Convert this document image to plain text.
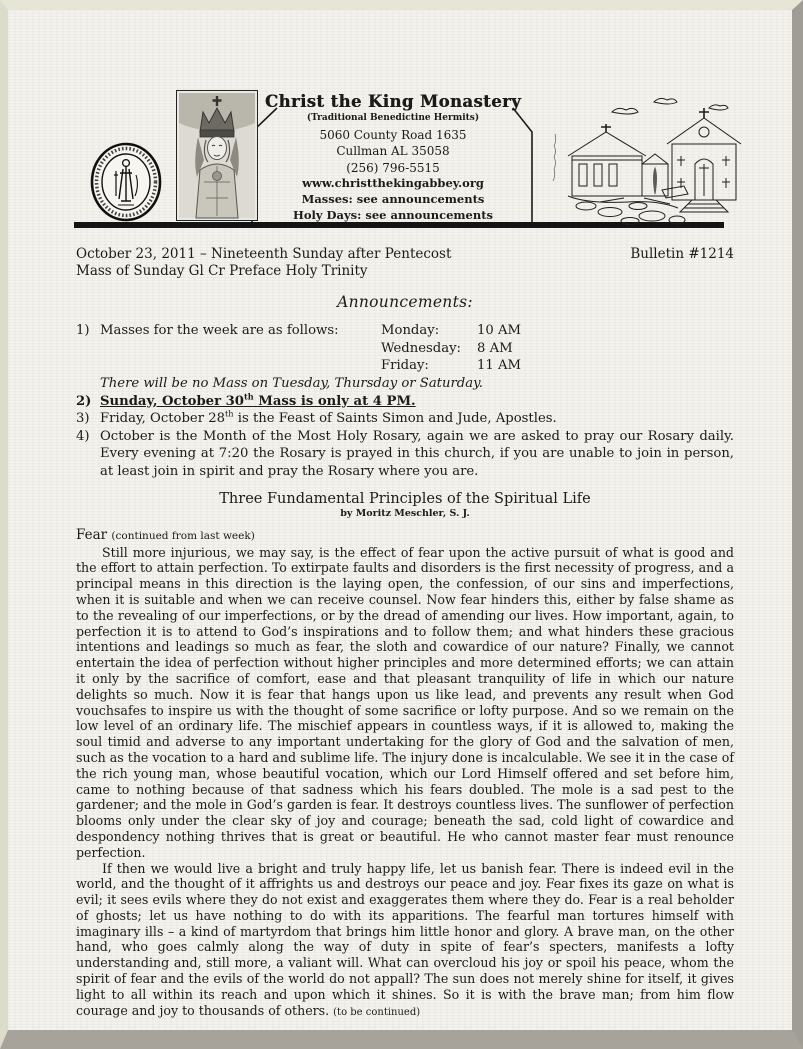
Christ the King Monastery
(Traditional Benedictine Hermits)
5060 County Road 1635
Cullman AL 35058
(256) 796-5515
www.christthekingabbey.org
Masses: see announcements
Holy Days: see announcements
October 23, 2011 – Nineteenth Sunday after Pentecost	Bulletin #1214
Mass of Sunday Gl Cr Preface Holy Trinity
Announcements:
1) Masses for the week are as follows:	Monday:	10 AM
Wednesday:	8 AM
Friday:	11 AM
There will be no Mass on Tuesday, Thursday or Saturday.
2) Sunday, October 30th Mass is only at 4 PM.
3) Friday, October 28th is the Feast of Saints Simon and Jude, Apostles.
4) October is the Month of the Most Holy Rosary, again we are asked to pray our Rosary daily. Every evening at 7:20 the Rosary is prayed in this church, if you are unable to join in person, at least join in spirit and pray the Rosary where you are.
Three Fundamental Principles of the Spiritual Life
by Moritz Meschler, S. J.
Fear (continued from last week)

Still more injurious, we may say, is the effect of fear upon the active pursuit of what is good and the effort to attain perfection. To extirpate faults and disorders is the first necessity of progress, and a principal means in this direction is the laying open, the confession, of our sins and imperfections, when it is suitable and when we can receive counsel. Now fear hinders this, either by false shame as to the revealing of our imperfections, or by the dread of amending our lives. How important, again, to perfection it is to attend to God’s inspirations and to follow them; and what hinders these gracious intentions and leadings so much as fear, the sloth and cowardice of our nature? Finally, we cannot entertain the idea of perfection without higher principles and more determined efforts; we can attain it only by the sacrifice of comfort, ease and that pleasant tranquility of life in which our nature delights so much. Now it is fear that hangs upon us like lead, and prevents any result when God vouchsafes to inspire us with the thought of some sacrifice or lofty purpose. And so we remain on the low level of an ordinary life. The mischief appears in countless ways, if it is allowed to, making the soul timid and adverse to any important undertaking for the glory of God and the salvation of men, such as the vocation to a hard and sublime life. The injury done is incalculable. We see it in the case of the rich young man, whose beautiful vocation, which our Lord Himself offered and set before him, came to nothing because of that sadness which his fears doubled. The mole is a sad pest to the gardener; and the mole in God’s garden is fear. It destroys countless lives. The sunflower of perfection blooms only under the clear sky of joy and courage; beneath the sad, cold light of cowardice and despondency nothing thrives that is great or beautiful. He who cannot master fear must renounce perfection.

If then we would live a bright and truly happy life, let us banish fear. There is indeed evil in the world, and the thought of it affrights us and destroys our peace and joy. Fear fixes its gaze on what is evil; it sees evils where they do not exist and exaggerates them where they do. Fear is a real beholder of ghosts; let us have nothing to do with its apparitions. The fearful man tortures himself with imaginary ills – a kind of martyrdom that brings him little honor and glory. A brave man, on the other hand, who goes calmly along the way of duty in spite of fear’s specters, manifests a lofty understanding and, still more, a valiant will. What can overcloud his joy or spoil his peace, whom the spirit of fear and the evils of the world do not appall? The sun does not merely shine for itself, it gives light to all within its reach and upon which it shines. So it is with the brave man; from him flow courage and joy to thousands of others. (to be continued)
